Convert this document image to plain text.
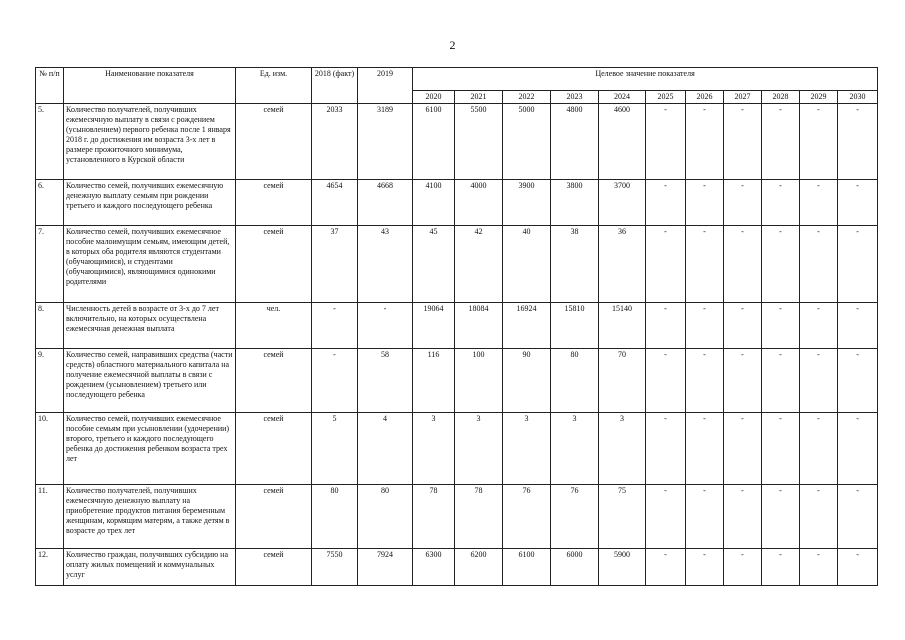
2
№ п/п	Наименование показателя	Ед. изм.	2018 (факт)	2019	Целевое значение показателя										
					2020	2021	2022	2023	2024	2025	2026	2027	2028	2029	2030
5.	Количество получателей, получивших ежемесячную выплату в связи с рождением (усыновлением) первого ребенка после 1 января 2018 г. до достижения им возраста 3-х лет в размере прожиточного минимума, установленного в Курской области	семей	2033	3189	6100	5500	5000	4800	4600	-	-	-	-	-	-
6.	Количество семей, получивших ежемесячную денежную выплату семьям при рождении третьего и каждого последующего ребенка	семей	4654	4668	4100	4000	3900	3800	3700	-	-	-	-	-	-
7.	Количество семей, получивших ежемесячное пособие малоимущим семьям, имеющим детей, в которых оба родителя являются студентами (обучающимися), и студентами (обучающимися), являющимися одинокими родителями	семей	37	43	45	42	40	38	36	-	-	-	-	-	-
8.	Численность детей в возрасте от 3-х до 7 лет включительно, на которых осуществлена ежемесячная денежная выплата	чел.	-	-	19064	18084	16924	15810	15140	-	-	-	-	-	-
9.	Количество семей, направивших средства (части средств) областного материального капитала на получение ежемесячной выплаты в связи с рождением (усыновлением) третьего или последующего ребенка	семей	-	58	116	100	90	80	70	-	-	-	-	-	-
10.	Количество семей, получивших ежемесячное пособие семьям при усыновлении (удочерении) второго, третьего и каждого последующего ребенка до достижения ребенком возраста трех лет	семей	5	4	3	3	3	3	3	-	-	-	-	-	-
11.	Количество получателей, получивших ежемесячную денежную выплату на приобретение продуктов питания беременным женщинам, кормящим матерям, а также детям в возрасте до трех лет	семей	80	80	78	78	76	76	75	-	-	-	-	-	-
12.	Количество граждан, получивших субсидию на оплату жилых помещений и коммунальных услуг	семей	7550	7924	6300	6200	6100	6000	5900	-	-	-	-	-	-
